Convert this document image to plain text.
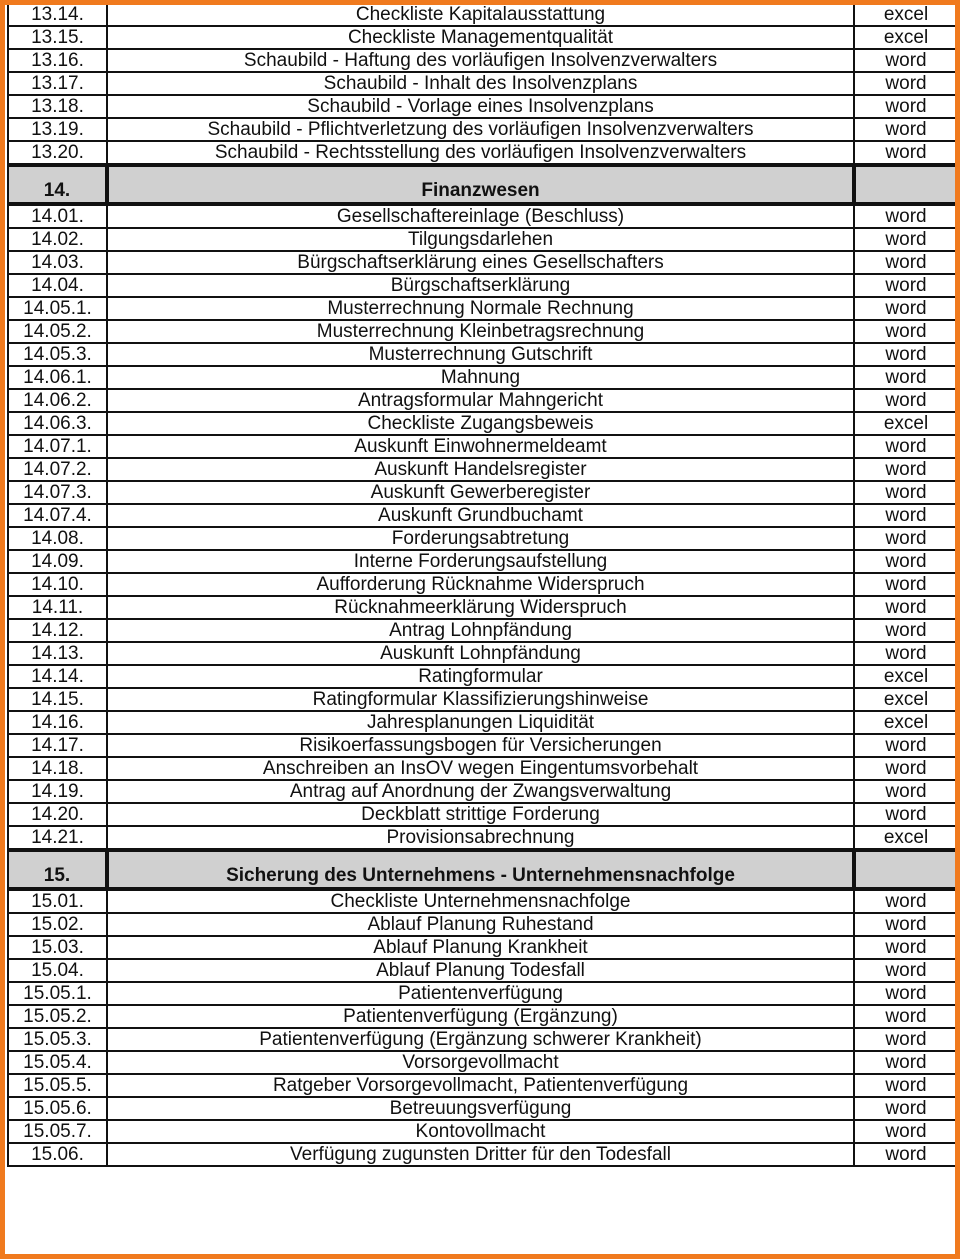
13.14.	Checkliste Kapitalausstattung	excel
13.15.	Checkliste Managementqualität	excel
13.16.	Schaubild - Haftung des vorläufigen Insolvenzverwalters	word
13.17.	Schaubild - Inhalt des Insolvenzplans	word
13.18.	Schaubild - Vorlage eines Insolvenzplans	word
13.19.	Schaubild - Pflichtverletzung des vorläufigen Insolvenzverwalters	word
13.20.	Schaubild - Rechtsstellung des vorläufigen Insolvenzverwalters	word
14.	Finanzwesen	
14.01.	Gesellschaftereinlage (Beschluss)	word
14.02.	Tilgungsdarlehen	word
14.03.	Bürgschaftserklärung eines Gesellschafters	word
14.04.	Bürgschaftserklärung	word
14.05.1.	Musterrechnung Normale Rechnung	word
14.05.2.	Musterrechnung Kleinbetragsrechnung	word
14.05.3.	Musterrechnung Gutschrift	word
14.06.1.	Mahnung	word
14.06.2.	Antragsformular Mahngericht	word
14.06.3.	Checkliste Zugangsbeweis	excel
14.07.1.	Auskunft Einwohnermeldeamt	word
14.07.2.	Auskunft Handelsregister	word
14.07.3.	Auskunft Gewerberegister	word
14.07.4.	Auskunft Grundbuchamt	word
14.08.	Forderungsabtretung	word
14.09.	Interne Forderungsaufstellung	word
14.10.	Aufforderung Rücknahme Widerspruch	word
14.11.	Rücknahmeerklärung Widerspruch	word
14.12.	Antrag Lohnpfändung	word
14.13.	Auskunft Lohnpfändung	word
14.14.	Ratingformular	excel
14.15.	Ratingformular Klassifizierungshinweise	excel
14.16.	Jahresplanungen Liquidität	excel
14.17.	Risikoerfassungsbogen für Versicherungen	word
14.18.	Anschreiben an InsOV wegen Eingentumsvorbehalt	word
14.19.	Antrag auf Anordnung der Zwangsverwaltung	word
14.20.	Deckblatt strittige Forderung	word
14.21.	Provisionsabrechnung	excel
15.	Sicherung des Unternehmens - Unternehmensnachfolge	
15.01.	Checkliste Unternehmensnachfolge	word
15.02.	Ablauf Planung Ruhestand	word
15.03.	Ablauf Planung Krankheit	word
15.04.	Ablauf Planung Todesfall	word
15.05.1.	Patientenverfügung	word
15.05.2.	Patientenverfügung (Ergänzung)	word
15.05.3.	Patientenverfügung (Ergänzung schwerer Krankheit)	word
15.05.4.	Vorsorgevollmacht	word
15.05.5.	Ratgeber Vorsorgevollmacht, Patientenverfügung	word
15.05.6.	Betreuungsverfügung	word
15.05.7.	Kontovollmacht	word
15.06.	Verfügung zugunsten Dritter für den Todesfall	word
